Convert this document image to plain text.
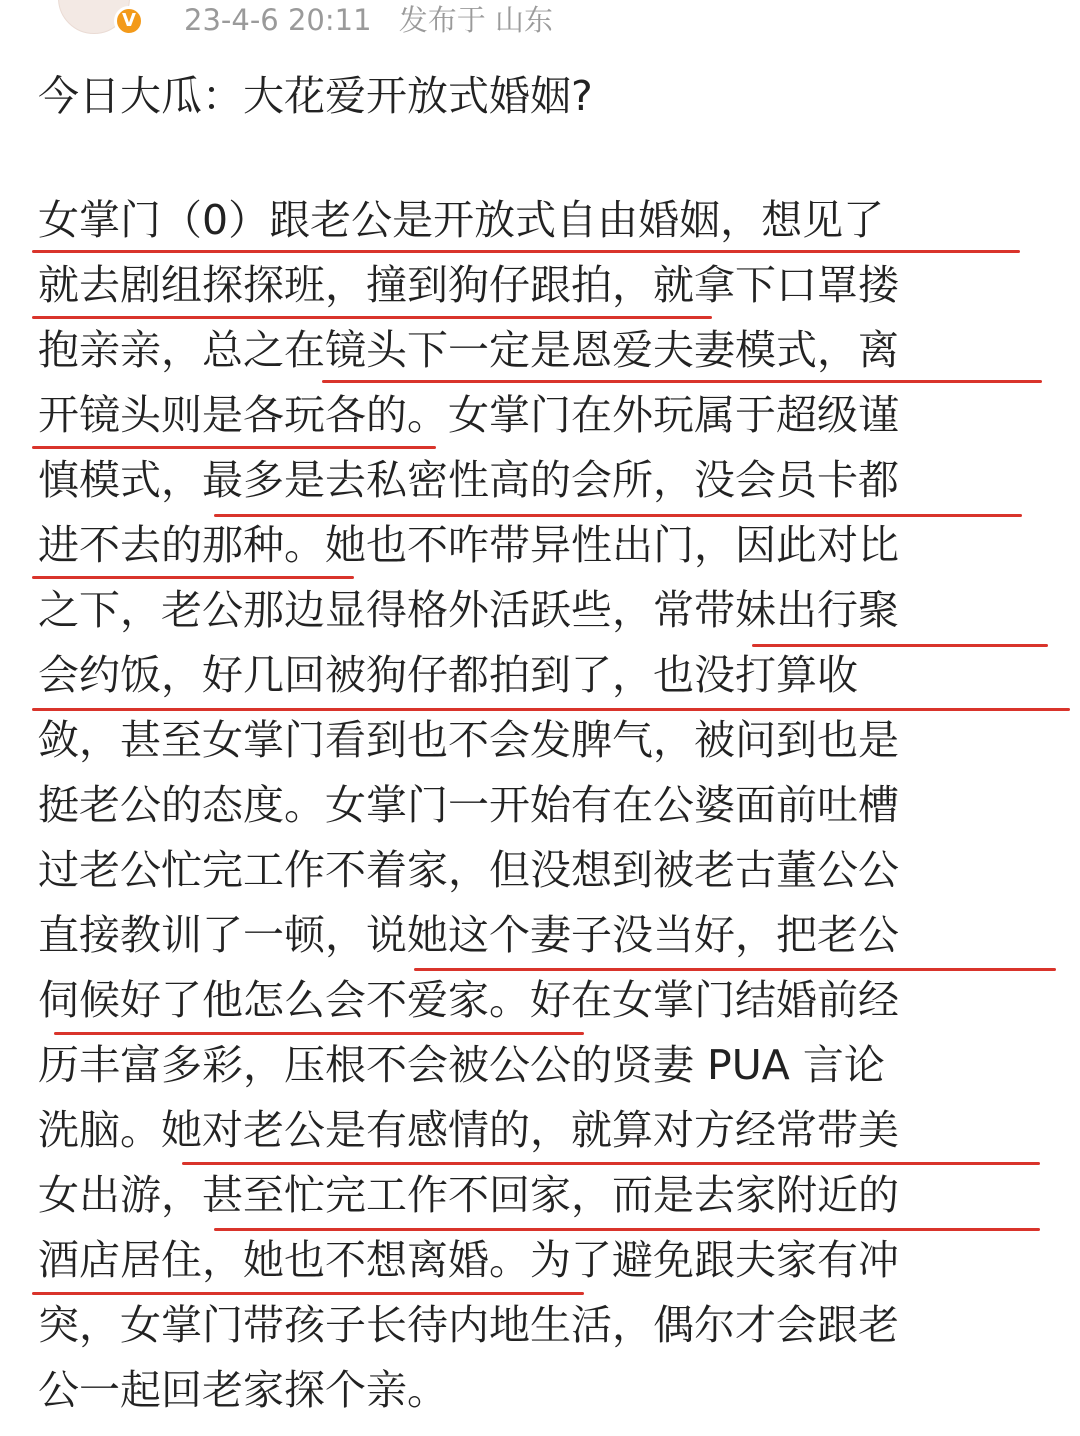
V 23-4-6 20:11 发布于 山东
今日大瓜：大花爱开放式婚姻?
女掌门（0）跟老公是开放式自由婚姻，想见了
就去剧组探探班，撞到狗仔跟拍，就拿下口罩搂
抱亲亲，总之在镜头下一定是恩爱夫妻模式，离
开镜头则是各玩各的。女掌门在外玩属于超级谨
慎模式，最多是去私密性高的会所，没会员卡都
进不去的那种。她也不咋带异性出门，因此对比
之下，老公那边显得格外活跃些，常带妹出行聚
会约饭，好几回被狗仔都拍到了，也没打算收
敛，甚至女掌门看到也不会发脾气，被问到也是
挺老公的态度。女掌门一开始有在公婆面前吐槽
过老公忙完工作不着家，但没想到被老古董公公
直接教训了一顿，说她这个妻子没当好，把老公
伺候好了他怎么会不爱家。好在女掌门结婚前经
历丰富多彩，压根不会被公公的贤妻 PUA 言论
洗脑。她对老公是有感情的，就算对方经常带美
女出游，甚至忙完工作不回家，而是去家附近的
酒店居住，她也不想离婚。为了避免跟夫家有冲
突，女掌门带孩子长待内地生活，偶尔才会跟老
公一起回老家探个亲。
